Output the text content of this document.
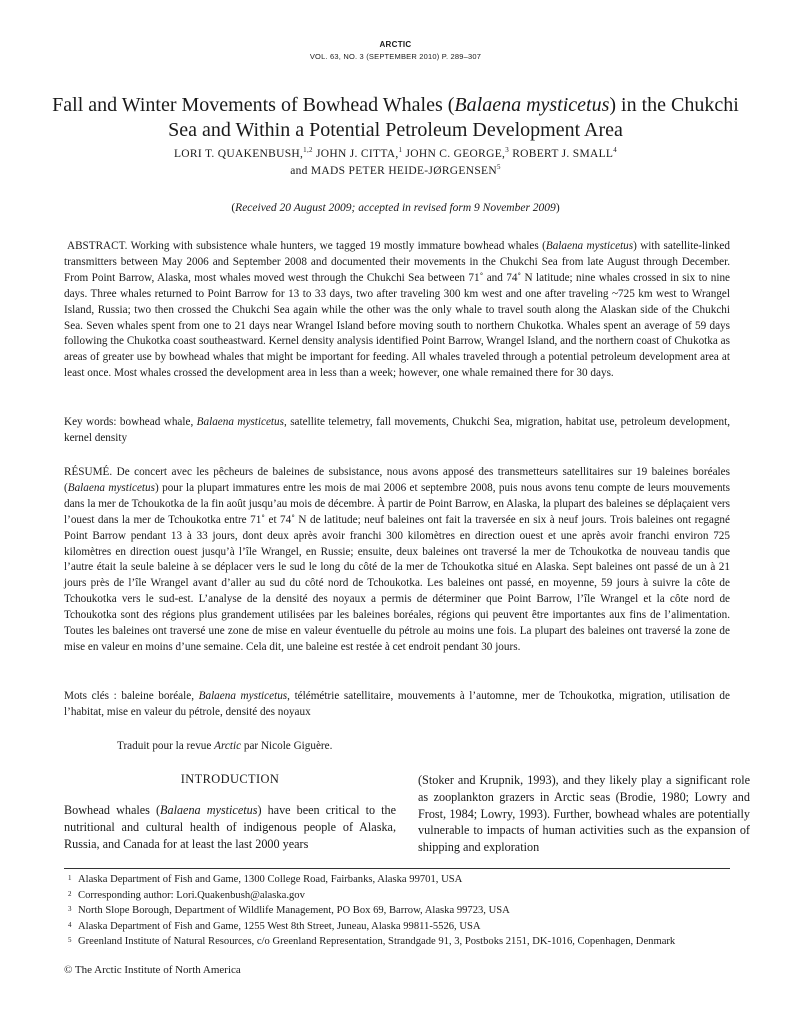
ARCTIC
VOL. 63, NO. 3 (SEPTEMBER 2010) P. 289–307
Fall and Winter Movements of Bowhead Whales (Balaena mysticetus) in the Chukchi Sea and Within a Potential Petroleum Development Area
LORI T. QUAKENBUSH,$^{1,2}$ JOHN J. CITTA,$^1$ JOHN C. GEORGE,$^3$ ROBERT J. SMALL$^4$
and MADS PETER HEIDE-JØRGENSEN$^5$
(Received 20 August 2009; accepted in revised form 9 November 2009)

ABSTRACT. Working with subsistence whale hunters, we tagged 19 mostly immature bowhead whales (Balaena mysticetus) with satellite-linked transmitters between May 2006 and September 2008 and documented their movements in the Chukchi Sea from late August through December. From Point Barrow, Alaska, most whales moved west through the Chukchi Sea between 71˚ and 74˚ N latitude; nine whales crossed in six to nine days. Three whales returned to Point Barrow for 13 to 33 days, two after traveling 300 km west and one after traveling ~725 km west to Wrangel Island, Russia; two then crossed the Chukchi Sea again while the other was the only whale to travel south along the Alaskan side of the Chukchi Sea. Seven whales spent from one to 21 days near Wrangel Island before moving south to northern Chukotka. Whales spent an average of 59 days following the Chukotka coast southeastward. Kernel density analysis identified Point Barrow, Wrangel Island, and the northern coast of Chukotka as areas of greater use by bowhead whales that might be important for feeding. All whales traveled through a potential petroleum development area at least once. Most whales crossed the development area in less than a week; however, one whale remained there for 30 days.

Key words: bowhead whale, Balaena mysticetus, satellite telemetry, fall movements, Chukchi Sea, migration, habitat use, petroleum development, kernel density

RÉSUMÉ. De concert avec les pêcheurs de baleines de subsistance, nous avons apposé des transmetteurs satellitaires sur 19 baleines boréales (Balaena mysticetus) pour la plupart immatures entre les mois de mai 2006 et septembre 2008, puis nous avons tenu compte de leurs mouvements dans la mer de Tchoukotka de la fin août jusqu’au mois de décembre. À partir de Point Barrow, en Alaska, la plupart des baleines se déplaçaient vers l’ouest dans la mer de Tchoukotka entre 71˚ et 74˚ N de latitude; neuf baleines ont fait la traversée en six à neuf jours. Trois baleines ont regagné Point Barrow pendant 13 à 33 jours, dont deux après avoir franchi 300 kilomètres en direction ouest et une après avoir franchi environ 725 kilomètres en direction ouest jusqu’à l’île Wrangel, en Russie; ensuite, deux baleines ont traversé la mer de Tchoukotka de nouveau tandis que l’autre était la seule baleine à se déplacer vers le sud le long du côté de la mer de Tchoukotka situé en Alaska. Sept baleines ont passé de un à 21 jours près de l’île Wrangel avant d’aller au sud du côté nord de Tchoukotka. Les baleines ont passé, en moyenne, 59 jours à suivre la côte de Tchoukotka vers le sud-est. L’analyse de la densité des noyaux a permis de déterminer que Point Barrow, l’île Wrangel et la côte nord de Tchoukotka sont des régions plus grandement utilisées par les baleines boréales, régions qui peuvent être importantes aux fins de l’alimentation. Toutes les baleines ont traversé une zone de mise en valeur éventuelle du pétrole au moins une fois. La plupart des baleines ont traversé la zone de mise en valeur en moins d’une semaine. Cela dit, une baleine est restée à cet endroit pendant 30 jours.

Mots clés : baleine boréale, Balaena mysticetus, télémétrie satellitaire, mouvements à l’automne, mer de Tchoukotka, migration, utilisation de l’habitat, mise en valeur du pétrole, densité des noyaux

Traduit pour la revue Arctic par Nicole Giguère.
INTRODUCTION

Bowhead whales (Balaena mysticetus) have been critical to the nutritional and cultural health of indigenous people of Alaska, Russia, and Canada for at least the last 2000 years

(Stoker and Krupnik, 1993), and they likely play a significant role as zooplankton grazers in Arctic seas (Brodie, 1980; Lowry and Frost, 1984; Lowry, 1993). Further, bowhead whales are potentially vulnerable to impacts of human activities such as the expansion of shipping and exploration

1 Alaska Department of Fish and Game, 1300 College Road, Fairbanks, Alaska 99701, USA
2 Corresponding author: Lori.Quakenbush@alaska.gov
3 North Slope Borough, Department of Wildlife Management, PO Box 69, Barrow, Alaska 99723, USA
4 Alaska Department of Fish and Game, 1255 West 8th Street, Juneau, Alaska 99811-5526, USA
5 Greenland Institute of Natural Resources, c/o Greenland Representation, Strandgade 91, 3, Postboks 2151, DK-1016, Copenhagen, Denmark
© The Arctic Institute of North America
